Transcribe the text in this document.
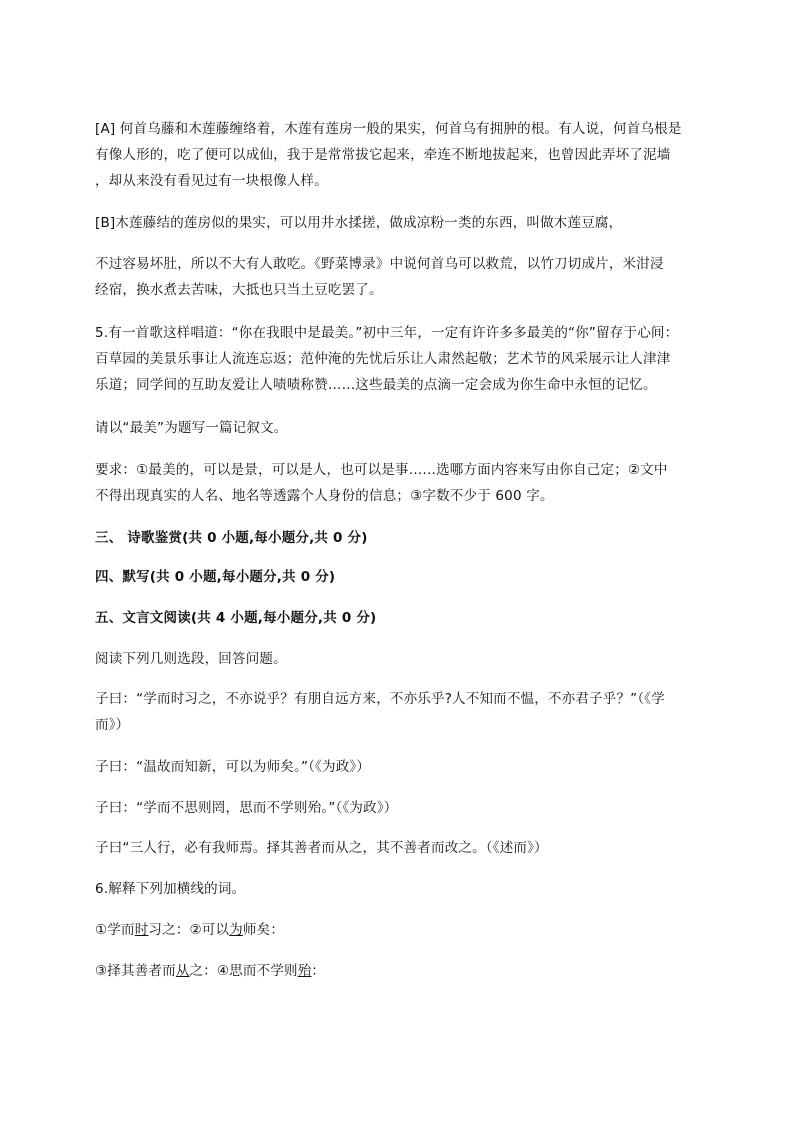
[A] 何首乌藤和木莲藤缠络着，木莲有莲房一般的果实，何首乌有拥肿的根。有人说，何首乌根是
有像人形的，吃了便可以成仙，我于是常常拔它起来，牵连不断地拔起来，也曾因此弄坏了泥墙
，却从来没有看见过有一块根像人样。

[B]木莲藤结的莲房似的果实，可以用井水揉搓，做成凉粉一类的东西，叫做木莲豆腐，

不过容易坏肚，所以不大有人敢吃。《野菜博录》中说何首乌可以救荒，以竹刀切成片，米泔浸
经宿，换水煮去苦味，大抵也只当土豆吃罢了。

5.有一首歌这样唱道：“你在我眼中是最美。”初中三年，一定有许许多多最美的“你”留存于心间：
百草园的美景乐事让人流连忘返；范仲淹的先忧后乐让人肃然起敬；艺术节的风采展示让人津津
乐道；同学间的互助友爱让人啧啧称赞……这些最美的点滴一定会成为你生命中永恒的记忆。

请以“最美”为题写一篇记叙文。

要求：①最美的，可以是景，可以是人，也可以是事……选哪方面内容来写由你自己定；②文中
不得出现真实的人名、地名等透露个人身份的信息；③字数不少于 600 字。

三、 诗歌鉴赏(共 0 小题,每小题分,共 0 分)

四、默写(共 0 小题,每小题分,共 0 分)

五、文言文阅读(共 4 小题,每小题分,共 0 分)

阅读下列几则选段，回答问题。

子曰：“学而时习之，不亦说乎？有朋自远方来，不亦乐乎?人不知而不愠，不亦君子乎？”（《学
而》）

子曰：“温故而知新，可以为师矣。”（《为政》）

子曰：“学而不思则罔，思而不学则殆。”（《为政》）

子曰“三人行，必有我师焉。择其善者而从之，其不善者而改之。（《述而》）

6.解释下列加横线的词。

①学而时习之：②可以为师矣：

③择其善者而从之：④思而不学则殆：
